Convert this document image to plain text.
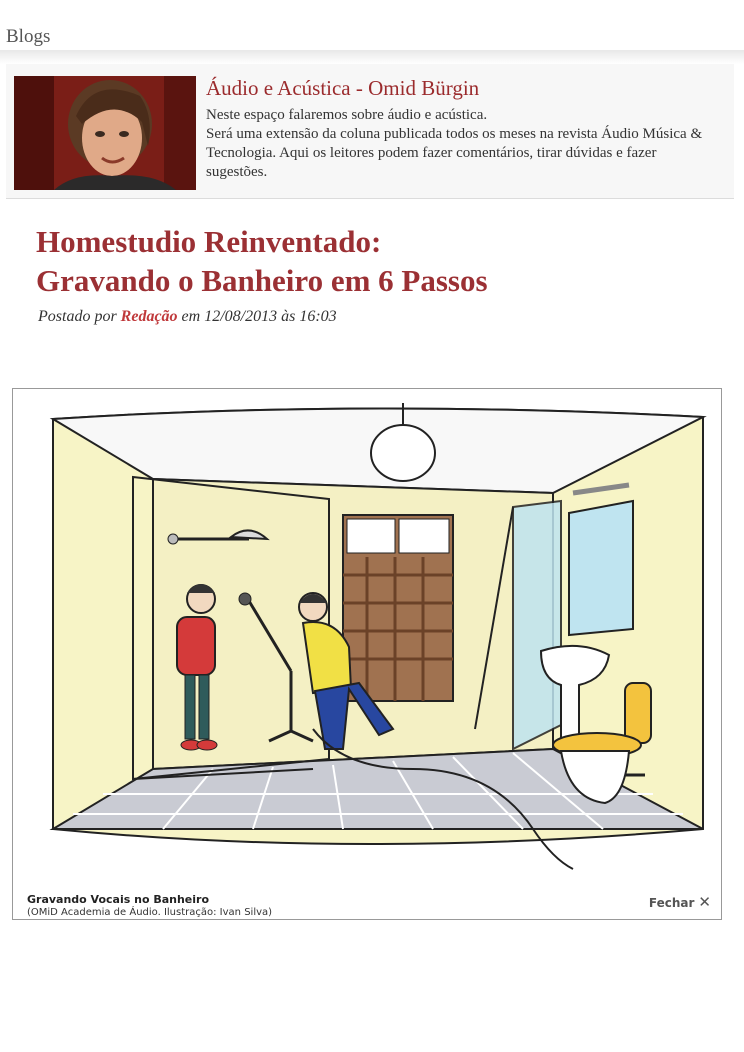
Blogs
Áudio e Acústica - Omid Bürgin
Neste espaço falaremos sobre áudio e acústica.
Será uma extensão da coluna publicada todos os meses na revista Áudio Música & Tecnologia. Aqui os leitores podem fazer comentários, tirar dúvidas e fazer sugestões.
Homestudio Reinventado:
Gravando o Banheiro em 6 Passos
Postado por Redação em 12/08/2013 às 16:03
Gravando Vocais no Banheiro
(OMiD Academia de Áudio. Ilustração: Ivan Silva)
Fechar ✕
